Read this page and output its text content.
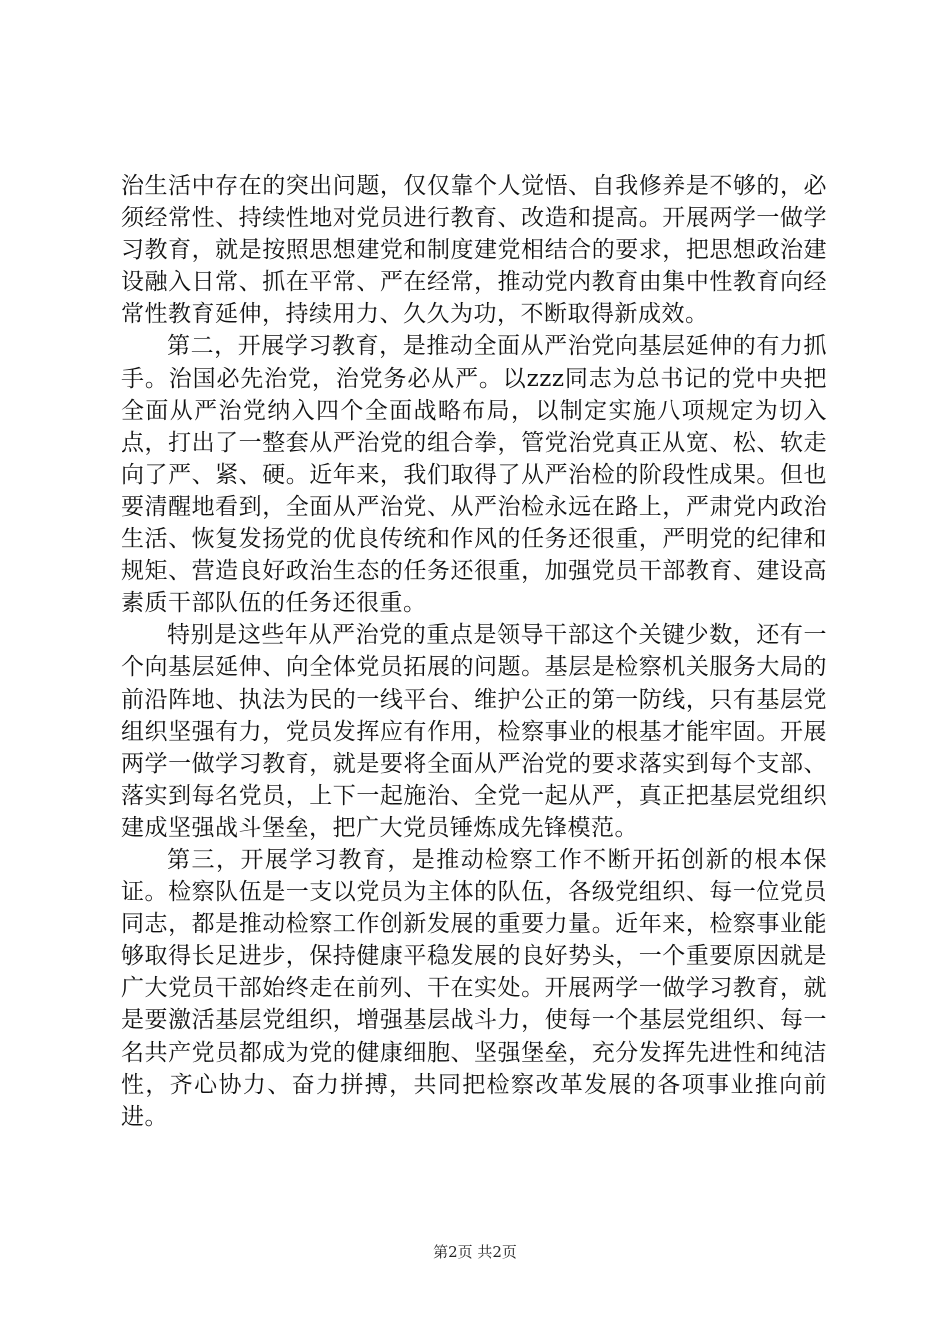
治生活中存在的突出问题，仅仅靠个人觉悟、自我修养是不够的，必须经常性、持续性地对党员进行教育、改造和提高。开展两学一做学习教育，就是按照思想建党和制度建党相结合的要求，把思想政治建设融入日常、抓在平常、严在经常，推动党内教育由集中性教育向经常性教育延伸，持续用力、久久为功，不断取得新成效。

第二，开展学习教育，是推动全面从严治党向基层延伸的有力抓手。治国必先治党，治党务必从严。以zzz同志为总书记的党中央把全面从严治党纳入四个全面战略布局，以制定实施八项规定为切入点，打出了一整套从严治党的组合拳，管党治党真正从宽、松、软走向了严、紧、硬。近年来，我们取得了从严治检的阶段性成果。但也要清醒地看到，全面从严治党、从严治检永远在路上，严肃党内政治生活、恢复发扬党的优良传统和作风的任务还很重，严明党的纪律和规矩、营造良好政治生态的任务还很重，加强党员干部教育、建设高素质干部队伍的任务还很重。

特别是这些年从严治党的重点是领导干部这个关键少数，还有一个向基层延伸、向全体党员拓展的问题。基层是检察机关服务大局的前沿阵地、执法为民的一线平台、维护公正的第一防线，只有基层党组织坚强有力，党员发挥应有作用，检察事业的根基才能牢固。开展两学一做学习教育，就是要将全面从严治党的要求落实到每个支部、落实到每名党员，上下一起施治、全党一起从严，真正把基层党组织建成坚强战斗堡垒，把广大党员锤炼成先锋模范。

第三，开展学习教育，是推动检察工作不断开拓创新的根本保证。检察队伍是一支以党员为主体的队伍，各级党组织、每一位党员同志，都是推动检察工作创新发展的重要力量。近年来，检察事业能够取得长足进步，保持健康平稳发展的良好势头，一个重要原因就是广大党员干部始终走在前列、干在实处。开展两学一做学习教育，就是要激活基层党组织，增强基层战斗力，使每一个基层党组织、每一名共产党员都成为党的健康细胞、坚强堡垒，充分发挥先进性和纯洁性，齐心协力、奋力拼搏，共同把检察改革发展的各项事业推向前进。

第2页 共2页
